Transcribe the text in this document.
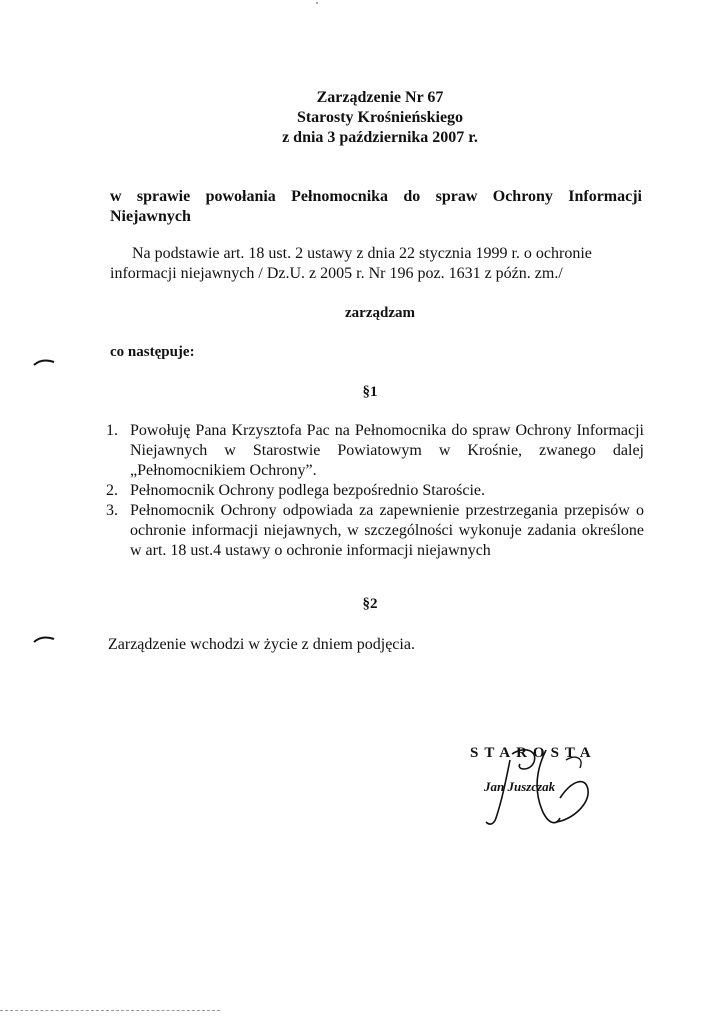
Zarządzenie Nr 67
Starosty Krośnieńskiego
z dnia 3 października 2007 r.
w sprawie powołania Pełnomocnika do spraw Ochrony Informacji Niejawnych
Na podstawie art. 18 ust. 2 ustawy z dnia 22 stycznia 1999 r. o ochronie
informacji niejawnych / Dz.U. z 2005 r. Nr 196 poz. 1631 z późn. zm./
zarządzam
co następuje:
§1
1. Powołuję Pana Krzysztofa Pac na Pełnomocnika do spraw Ochrony Informacji Niejawnych w Starostwie Powiatowym w Krośnie, zwanego dalej „Pełnomocnikiem Ochrony”.
2. Pełnomocnik Ochrony podlega bezpośrednio Staroście.
3. Pełnomocnik Ochrony odpowiada za zapewnienie przestrzegania przepisów o ochronie informacji niejawnych, w szczególności wykonuje zadania określone w art. 18 ust.4 ustawy o ochronie informacji niejawnych
§2
Zarządzenie wchodzi w życie z dniem podjęcia.
STAROSTA
Jan Juszczak
